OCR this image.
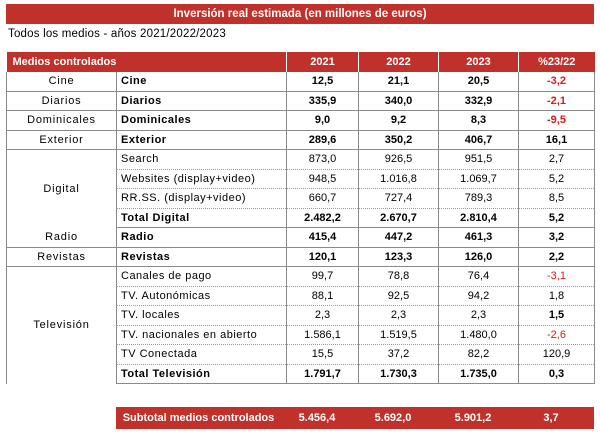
Inversión real estimada (en millones de euros)
Todos los medios - años 2021/2022/2023
Medios controlados		2021	2022	2023	%23/22
Cine	Cine	12,5	21,1	20,5	-3,2
Diarios	Diarios	335,9	340,0	332,9	-2,1
Dominicales	Dominicales	9,0	9,2	8,3	-9,5
Exterior	Exterior	289,6	350,2	406,7	16,1
Digital	Search	873,0	926,5	951,5	2,7
	Websites (display+video)	948,5	1.016,8	1.069,7	5,2
	RR.SS. (display+video)	660,7	727,4	789,3	8,5
	Total Digital	2.482,2	2.670,7	2.810,4	5,2
Radio	Radio	415,4	447,2	461,3	3,2
Revistas	Revistas	120,1	123,3	126,0	2,2
Televisión	Canales de pago	99,7	78,8	76,4	-3,1
	TV. Autonómicas	88,1	92,5	94,2	1,8
	TV. locales	2,3	2,3	2,3	1,5
	TV. nacionales en abierto	1.586,1	1.519,5	1.480,0	-2,6
	TV Conectada	15,5	37,2	82,2	120,9
	Total Televisión	1.791,7	1.730,3	1.735,0	0,3
Subtotal medios controlados	5.456,4	5.692,0	5.901,2	3,7
